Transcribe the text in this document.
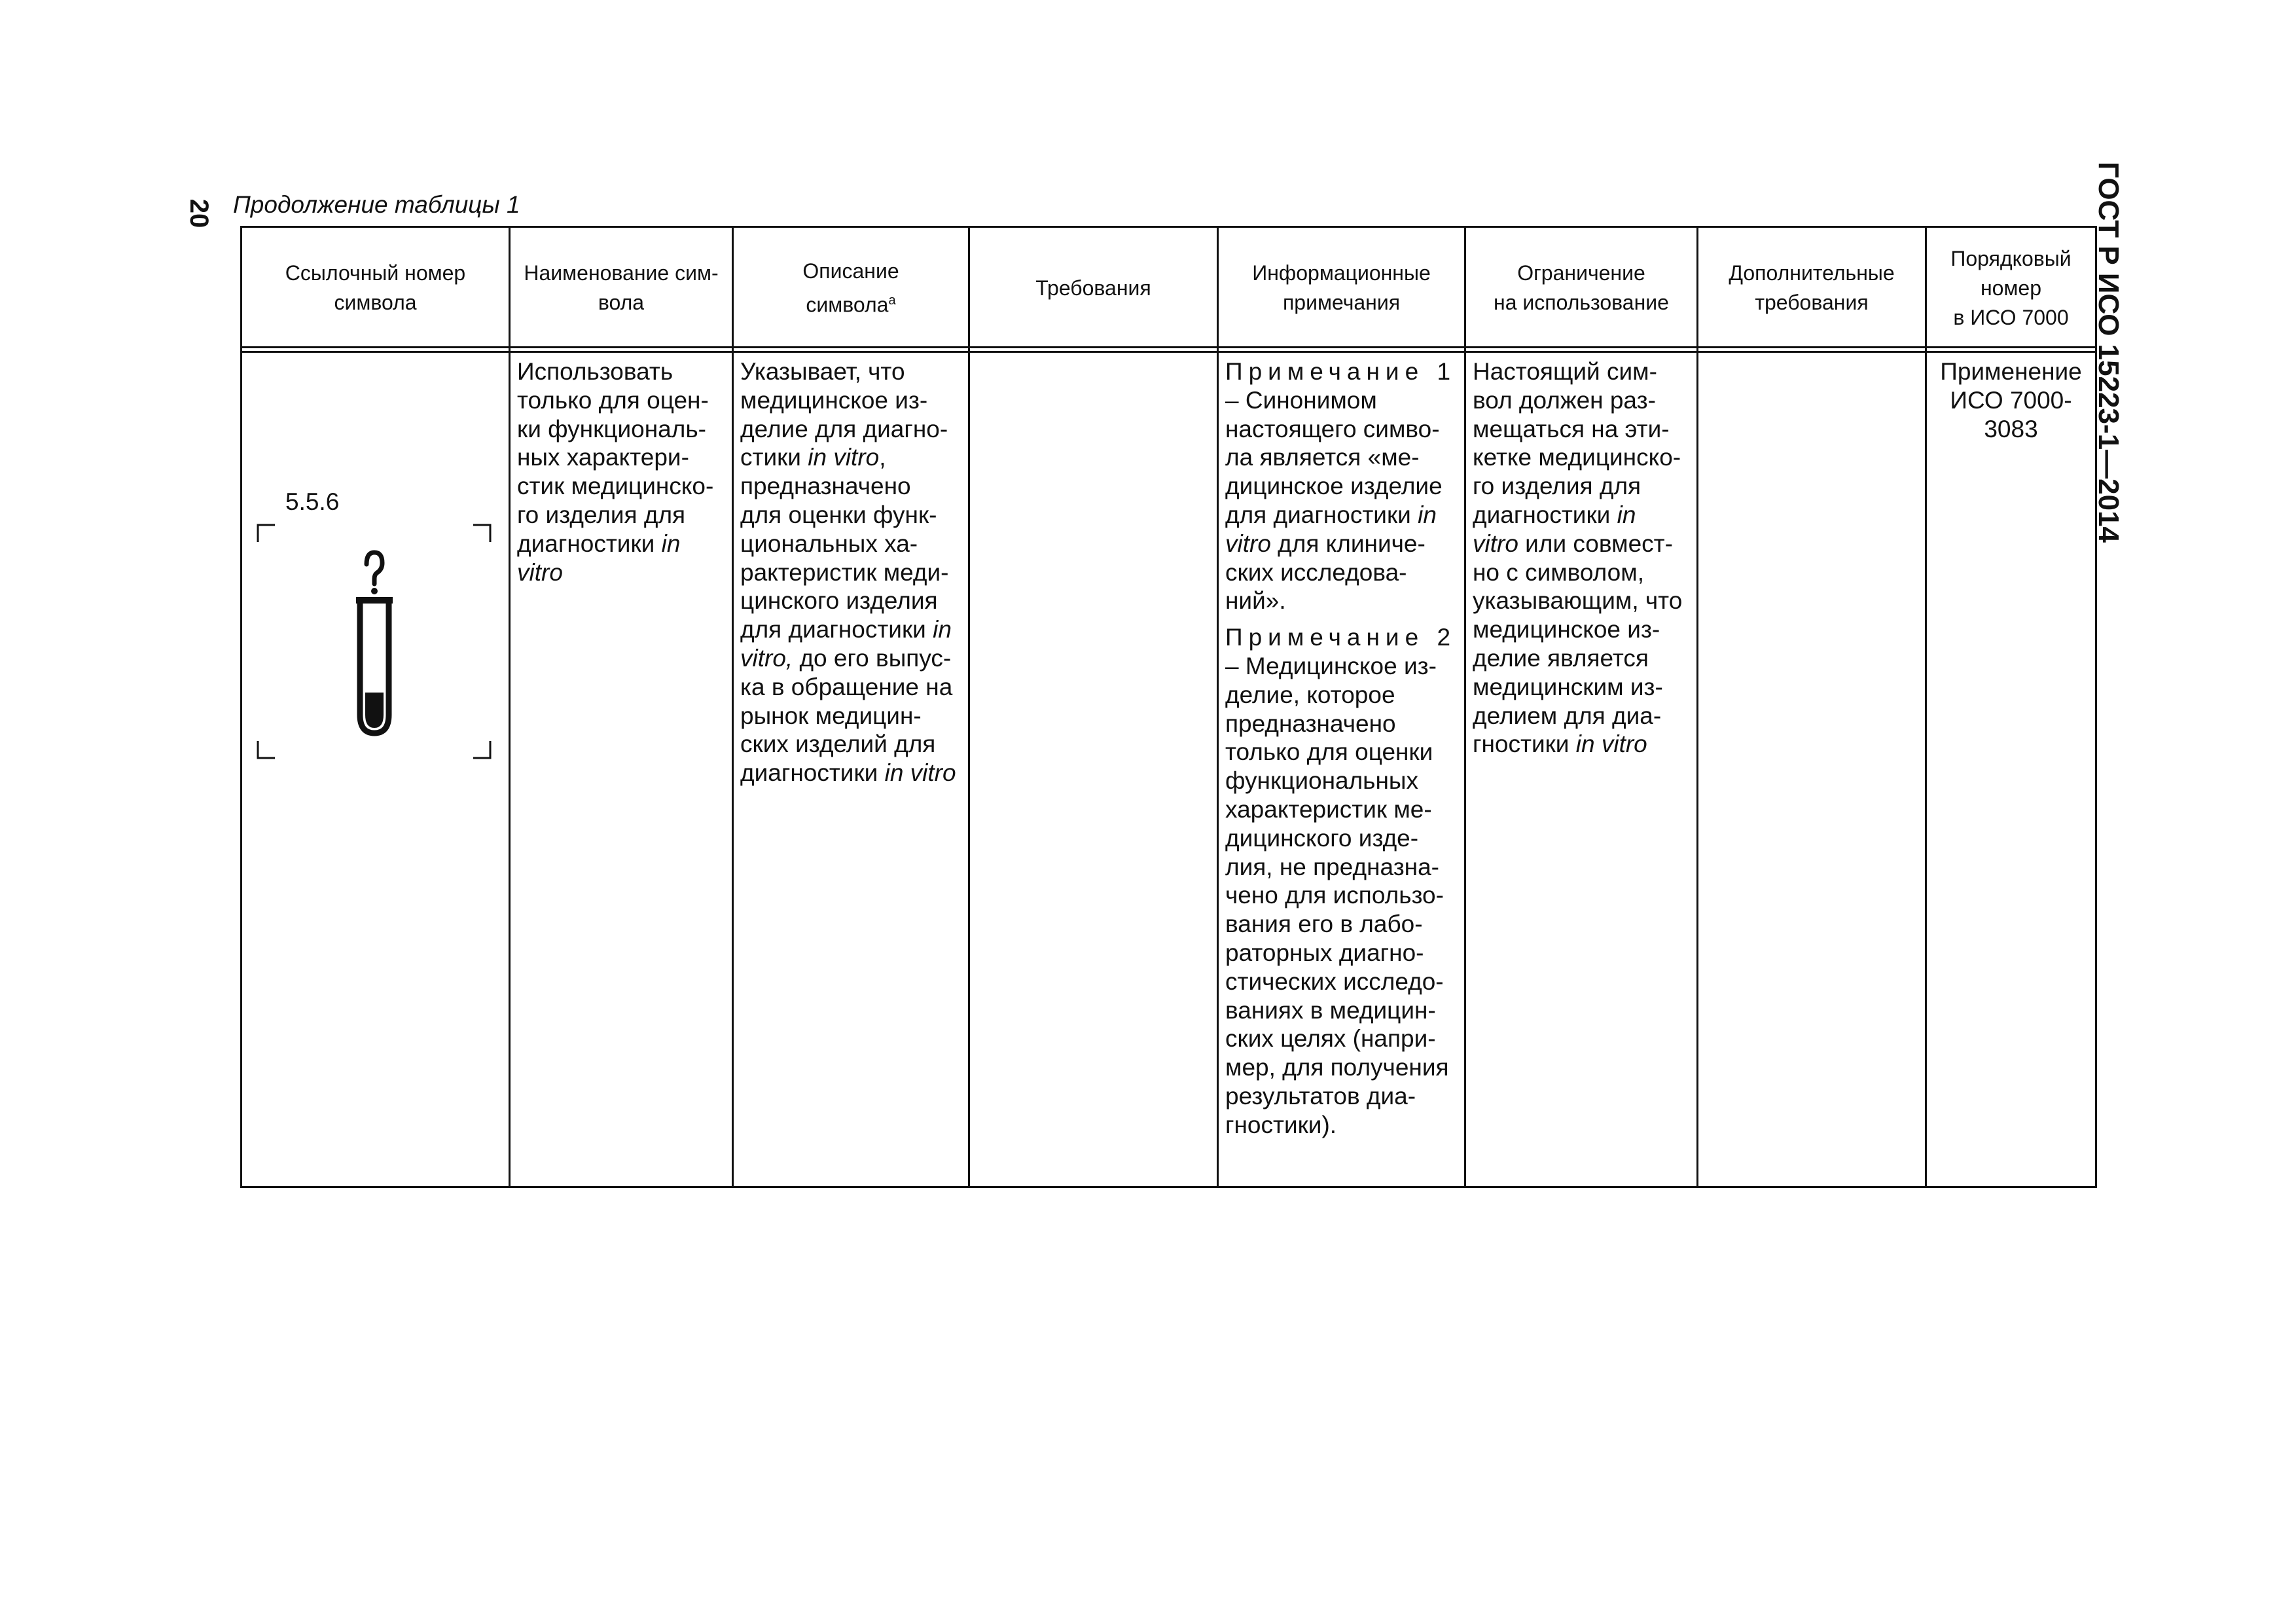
20 Продолжение таблицы 1	ГОСТ Р ИСО 15223-1—2014
Ссылочный номер
символа
Наименование сим-
вола
Описание
символа$^a$
Требования
Информационные
примечания
Ограничение
на использование
Дополнительные
требования
Порядковый
номер
в ИСО 7000
5.5.6
Использовать
только для оцен-
ки функциональ-
ных характери-
стик медицинско-
го изделия для
диагностики in
vitro
Указывает, что
медицинское из-
делие для диагно-
стики in vitro,
предназначено
для оценки функ-
циональных ха-
рактеристик меди-
цинского изделия
для диагностики in
vitro, до его выпус-
ка в обращение на
рынок медицин-
ских изделий для
диагностики in vitro
Примечание 1
– Синонимом
настоящего симво-
ла является «ме-
дицинское изделие
для диагностики in
vitro для клиниче-
ских исследова-
ний».
Примечание 2
– Медицинское из-
делие, которое
предназначено
только для оценки
функциональных
характеристик ме-
дицинского изде-
лия, не предназна-
чено для использо-
вания его в лабо-
раторных диагно-
стических исследо-
ваниях в медицин-
ских целях (напри-
мер, для получения
результатов диа-
гностики).
Настоящий сим-
вол должен раз-
мещаться на эти-
кетке медицинско-
го изделия для
диагностики in
vitro или совмест-
но с символом,
указывающим, что
медицинское из-
делие является
медицинским из-
делием для диа-
гностики in vitro
Применение
ИСО 7000-
3083
